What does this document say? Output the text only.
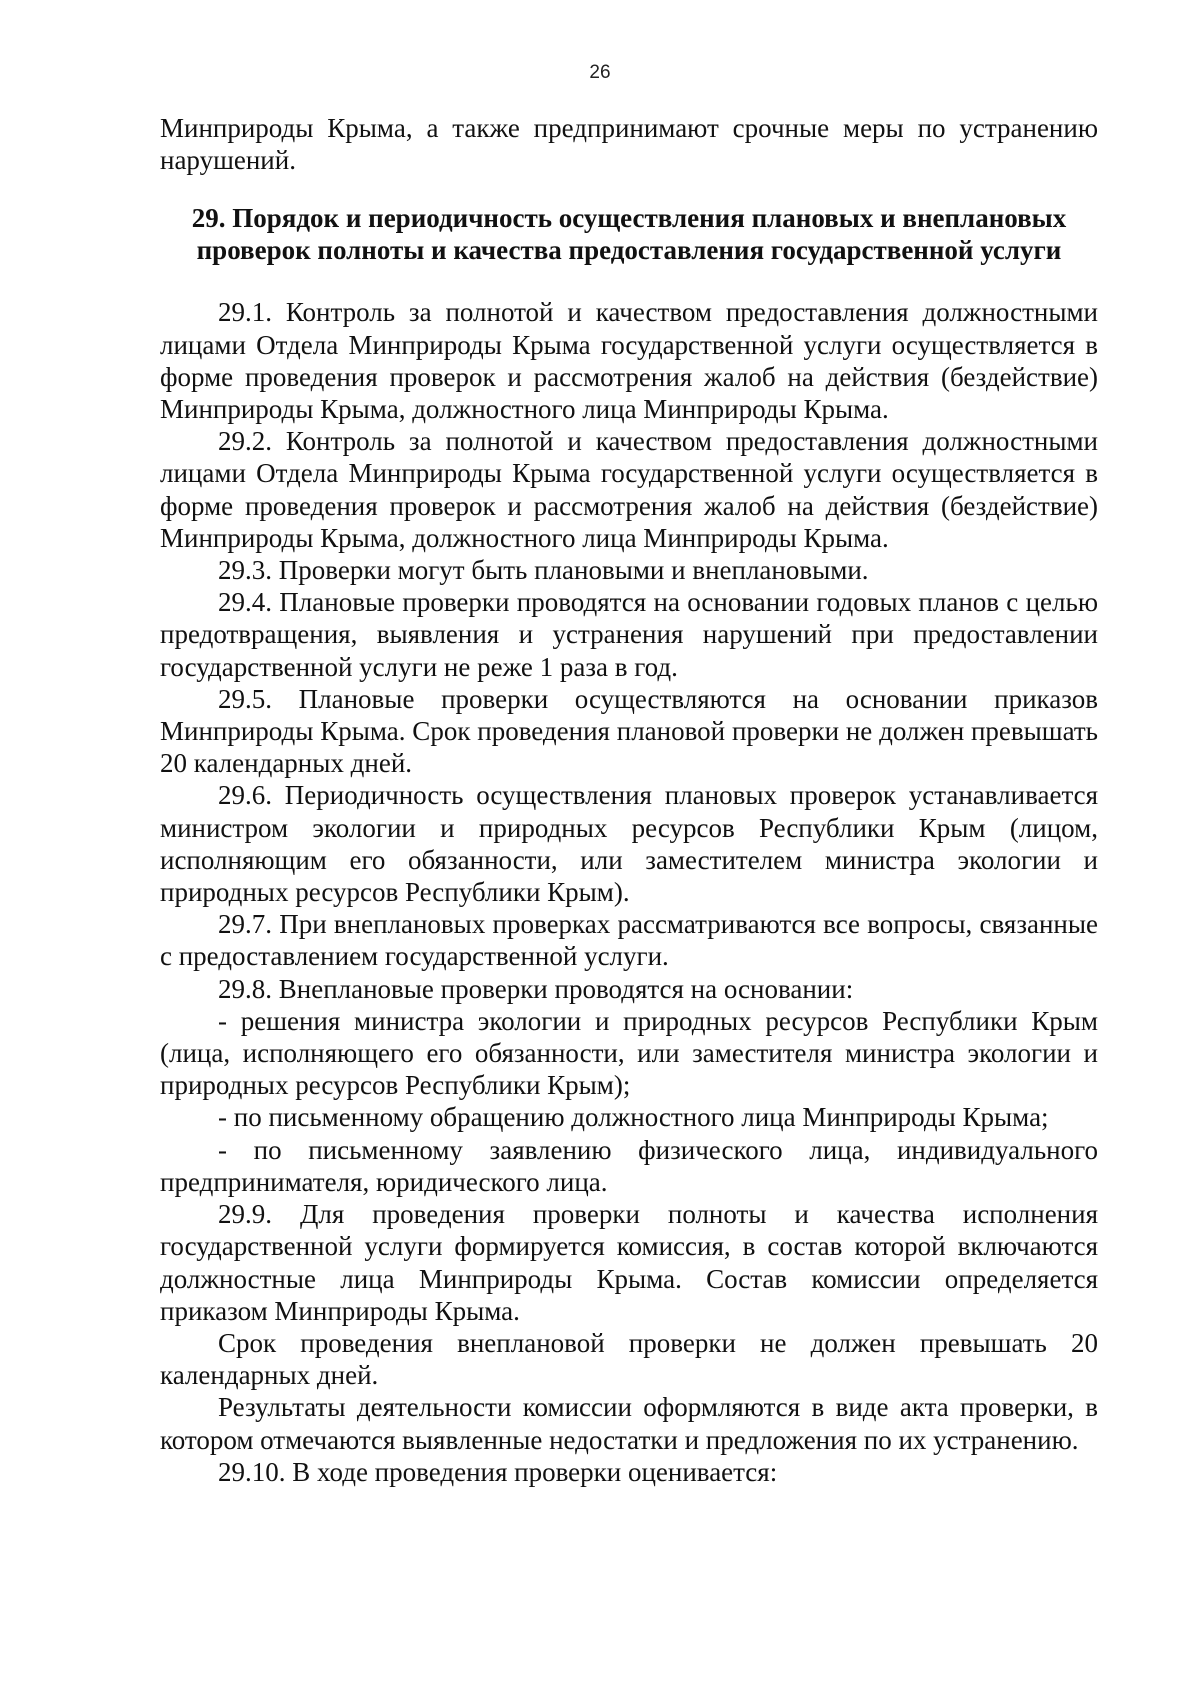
26

Минприроды Крыма, а также предпринимают срочные меры по устранению нарушений.

29. Порядок и периодичность осуществления плановых и внеплановых проверок полноты и качества предоставления государственной услуги

29.1. Контроль за полнотой и качеством предоставления должностными лицами Отдела Минприроды Крыма государственной услуги осуществляется в форме проведения проверок и рассмотрения жалоб на действия (бездействие) Минприроды Крыма, должностного лица Минприроды Крыма.

29.2. Контроль за полнотой и качеством предоставления должностными лицами Отдела Минприроды Крыма государственной услуги осуществляется в форме проведения проверок и рассмотрения жалоб на действия (бездействие) Минприроды Крыма, должностного лица Минприроды Крыма.

29.3. Проверки могут быть плановыми и внеплановыми.

29.4. Плановые проверки проводятся на основании годовых планов с целью предотвращения, выявления и устранения нарушений при предоставлении государственной услуги не реже 1 раза в год.

29.5. Плановые проверки осуществляются на основании приказов Минприроды Крыма. Срок проведения плановой проверки не должен превышать 20 календарных дней.

29.6. Периодичность осуществления плановых проверок устанавливается министром экологии и природных ресурсов Республики Крым (лицом, исполняющим его обязанности, или заместителем министра экологии и природных ресурсов Республики Крым).

29.7. При внеплановых проверках рассматриваются все вопросы, связанные с предоставлением государственной услуги.

29.8. Внеплановые проверки проводятся на основании:

- решения министра экологии и природных ресурсов Республики Крым (лица, исполняющего его обязанности, или заместителя министра экологии и природных ресурсов Республики Крым);

- по письменному обращению должностного лица Минприроды Крыма;

- по письменному заявлению физического лица, индивидуального предпринимателя, юридического лица.

29.9. Для проведения проверки полноты и качества исполнения государственной услуги формируется комиссия, в состав которой включаются должностные лица Минприроды Крыма. Состав комиссии определяется приказом Минприроды Крыма.

Срок проведения внеплановой проверки не должен превышать 20 календарных дней.

Результаты деятельности комиссии оформляются в виде акта проверки, в котором отмечаются выявленные недостатки и предложения по их устранению.

29.10. В ходе проведения проверки оценивается:
